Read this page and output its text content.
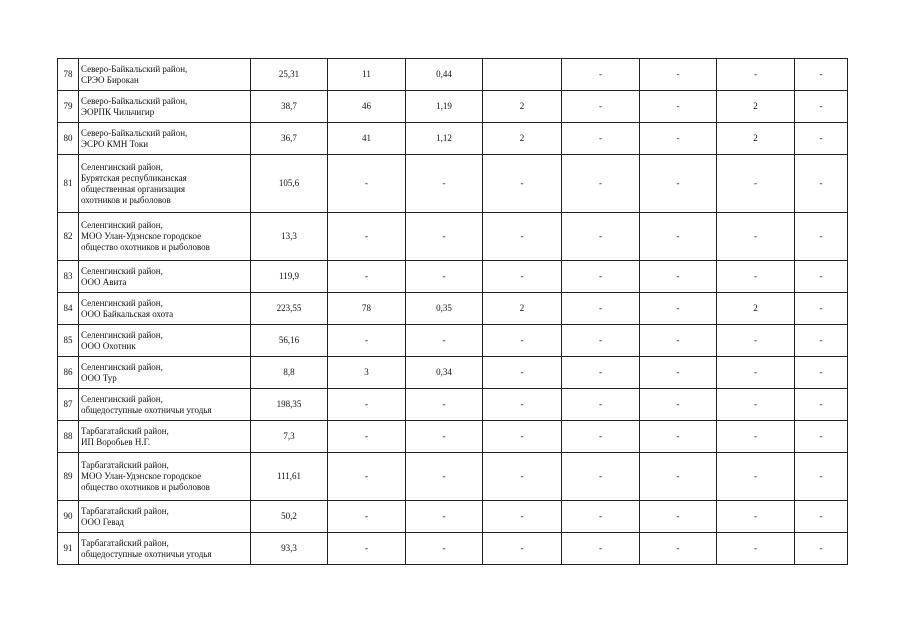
78	Северо-Байкальский район,
СРЭО Бирокан	25,31	11	0,44		-	-	-	-
79	Северо-Байкальский район,
ЭОРПК Чильчигир	38,7	46	1,19	2	-	-	2	-
80	Северо-Байкальский район,
ЭСРО КМН Токи	36,7	41	1,12	2	-	-	2	-
81	Селенгинский район,
Бурятская республиканская
общественная организация
охотников и рыболовов	105,6	-	-	-	-	-	-	-
82	Селенгинский район,
МОО Улан-Удэнское городское
общество охотников и рыболовов	13,3	-	-	-	-	-	-	-
83	Селенгинский район,
ООО Авита	119,9	-	-	-	-	-	-	-
84	Селенгинский район,
ООО Байкальская охота	223,55	78	0,35	2	-	-	2	-
85	Селенгинский район,
ООО Охотник	56,16	-	-	-	-	-	-	-
86	Селенгинский район,
ООО Тур	8,8	3	0,34	-	-	-	-	-
87	Селенгинский район,
общедоступные охотничьи угодья	198,35	-	-	-	-	-	-	-
88	Тарбагатайский район,
ИП Воробьев Н.Г.	7,3	-	-	-	-	-	-	-
89	Тарбагатайский район,
МОО Улан-Удэнское городское
общество охотников и рыболовов	111,61	-	-	-	-	-	-	-
90	Тарбагатайский район,
ООО Гевад	50,2	-	-	-	-	-	-	-
91	Тарбагатайский район,
общедоступные охотничьи угодья	93,3	-	-	-	-	-	-	-
